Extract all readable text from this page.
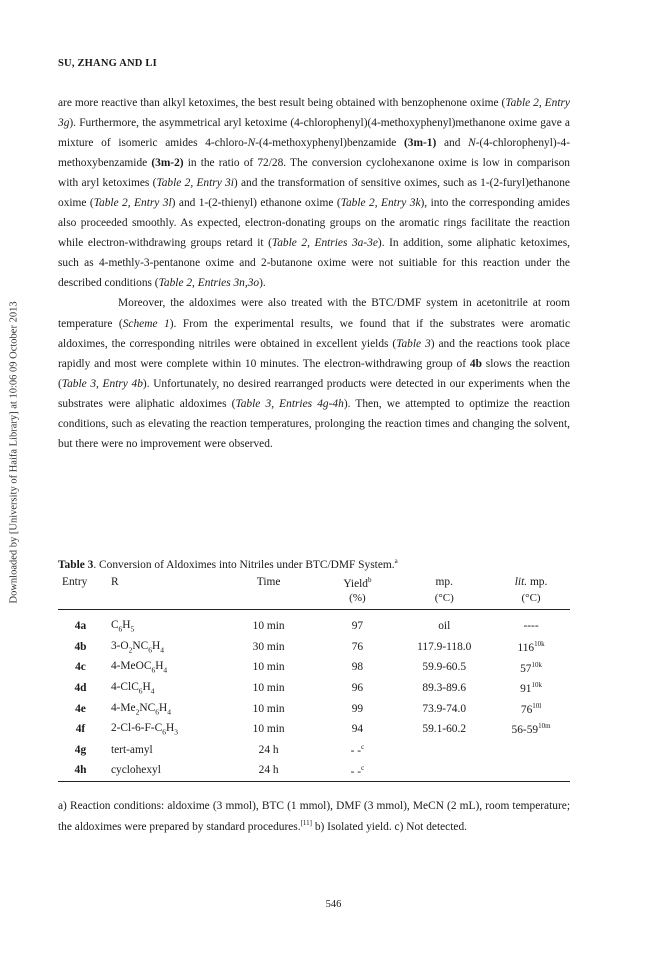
SU, ZHANG AND LI
Downloaded by [University of Haifa Library] at 10:06 09 October 2013

are more reactive than alkyl ketoximes, the best result being obtained with benzophenone oxime (Table 2, Entry 3g). Furthermore, the asymmetrical aryl ketoxime (4-chlorophenyl)(4-methoxyphenyl)methanone oxime gave a mixture of isomeric amides 4-chloro-N-(4-methoxyphenyl)benzamide (3m-1) and N-(4-chlorophenyl)-4-methoxybenzamide (3m-2) in the ratio of 72/28. The conversion cyclohexanone oxime is low in comparison with aryl ketoximes (Table 2, Entry 3i) and the transformation of sensitive oximes, such as 1-(2-furyl)ethanone oxime (Table 2, Entry 3l) and 1-(2-thienyl) ethanone oxime (Table 2, Entry 3k), into the corresponding amides also proceeded smoothly. As expected, electron-donating groups on the aromatic rings facilitate the reaction while electron-withdrawing groups retard it (Table 2, Entries 3a-3e). In addition, some aliphatic ketoximes, such as 4-methly-3-pentanone oxime and 2-butanone oxime were not suitiable for this reaction under the described conditions (Table 2, Entries 3n,3o).

Moreover, the aldoximes were also treated with the BTC/DMF system in acetonitrile at room temperature (Scheme 1). From the experimental results, we found that if the substrates were aromatic aldoximes, the corresponding nitriles were obtained in excellent yields (Table 3) and the reactions took place rapidly and most were complete within 10 minutes. The electron-withdrawing group of 4b slows the reaction (Table 3, Entry 4b). Unfortunately, no desired rearranged products were detected in our experiments when the substrates were aliphatic aldoximes (Table 3, Entries 4g-4h). Then, we attempted to optimize the reaction conditions, such as elevating the reaction temperatures, prolonging the reaction times and changing the solvent, but there were no improvement were observed.

Table 3. Conversion of Aldoximes into Nitriles under BTC/DMF System.$^a$
Entry	R	Time	Yield$^b$	mp.	lit. mp.
			(%)	(°C)	(°C)
4a	$C_6H_5$	10 min	97	oil	----
4b	$3-O_2NC_6H_4$	30 min	76	117.9-118.0	$116^{10k}$
4c	$4-MeOC_6H_4$	10 min	98	59.9-60.5	$57^{10k}$
4d	$4-ClC_6H_4$	10 min	96	89.3-89.6	$91^{10k}$
4e	$4-Me_2NC_6H_4$	10 min	99	73.9-74.0	$76^{10l}$
4f	$2-Cl-6-F-C_6H_3$	10 min	94	59.1-60.2	$56-59^{10m}$
4g	tert-amyl	24 h	- -$^c$		
4h	cyclohexyl	24 h	- -$^c$		
a) Reaction conditions: aldoxime (3 mmol), BTC (1 mmol), DMF (3 mmol), MeCN (2 mL), room temperature; the aldoximes were prepared by standard procedures.[11] b) Isolated yield. c) Not detected.
546
